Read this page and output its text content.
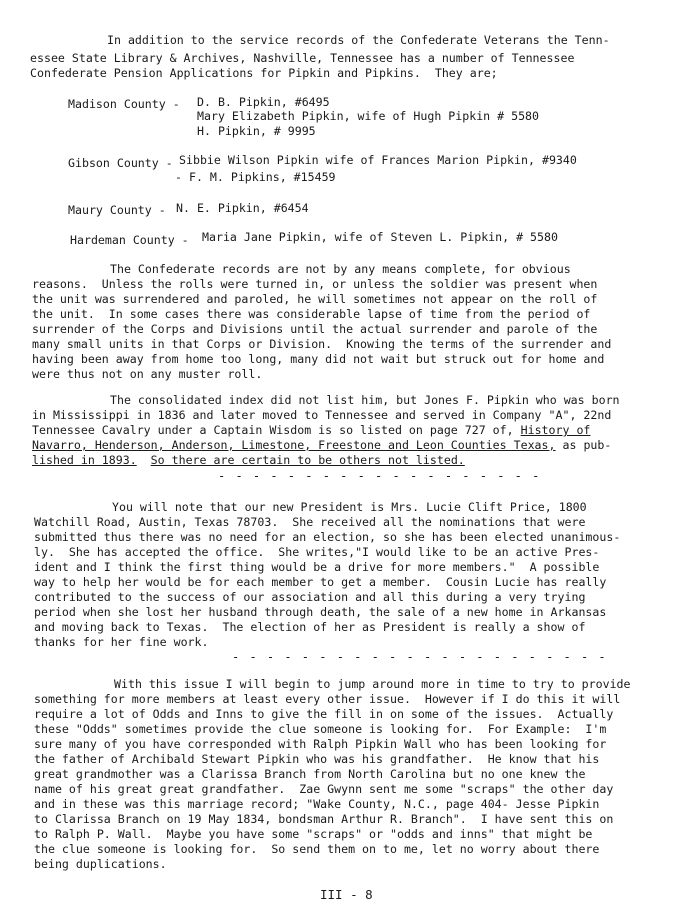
In addition to the service records of the Confederate Veterans the Tenn-
essee State Library & Archives, Nashville, Tennessee has a number of Tennessee
Confederate Pension Applications for Pipkin and Pipkins.  They are;
Madison County - D. B. Pipkin, #6495
Mary Elizabeth Pipkin, wife of Hugh Pipkin # 5580
H. Pipkin, # 9995
Gibson County - Sibbie Wilson Pipkin wife of Frances Marion Pipkin, #9340
- F. M. Pipkins, #15459
Maury County - N. E. Pipkin, #6454
Hardeman County - Maria Jane Pipkin, wife of Steven L. Pipkin, # 5580
The Confederate records are not by any means complete, for obvious
reasons.  Unless the rolls were turned in, or unless the soldier was present when
the unit was surrendered and paroled, he will sometimes not appear on the roll of
the unit.  In some cases there was considerable lapse of time from the period of
surrender of the Corps and Divisions until the actual surrender and parole of the
many small units in that Corps or Division.  Knowing the terms of the surrender and
having been away from home too long, many did not wait but struck out for home and
were thus not on any muster roll.
The consolidated index did not list him, but Jones F. Pipkin who was born
in Mississippi in 1836 and later moved to Tennessee and served in Company "A", 22nd
Tennessee Cavalry under a Captain Wisdom is so listed on page 727 of, History of
Navarro, Henderson, Anderson, Limestone, Freestone and Leon Counties Texas, as pub-
lished in 1893. So there are certain to be others not listed.
- - - - - - - - - - - - - - - - - - -
You will note that our new President is Mrs. Lucie Clift Price, 1800
Watchill Road, Austin, Texas 78703.  She received all the nominations that were
submitted thus there was no need for an election, so she has been elected unanimous-
ly.  She has accepted the office.  She writes,"I would like to be an active Pres-
ident and I think the first thing would be a drive for more members."  A possible
way to help her would be for each member to get a member.  Cousin Lucie has really
contributed to the success of our association and all this during a very trying
period when she lost her husband through death, the sale of a new home in Arkansas
and moving back to Texas.  The election of her as President is really a show of
thanks for her fine work.
- - - - - - - - - - - - - - - - - - - - - -
With this issue I will begin to jump around more in time to try to provide
something for more members at least every other issue.  However if I do this it will
require a lot of Odds and Inns to give the fill in on some of the issues.  Actually
these "Odds" sometimes provide the clue someone is looking for.  For Example:  I'm
sure many of you have corresponded with Ralph Pipkin Wall who has been looking for
the father of Archibald Stewart Pipkin who was his grandfather.  He know that his
great grandmother was a Clarissa Branch from North Carolina but no one knew the
name of his great great grandfather.  Zae Gwynn sent me some "scraps" the other day
and in these was this marriage record; "Wake County, N.C., page 404- Jesse Pipkin
to Clarissa Branch on 19 May 1834, bondsman Arthur R. Branch".  I have sent this on
to Ralph P. Wall.  Maybe you have some "scraps" or "odds and inns" that might be
the clue someone is looking for.  So send them on to me, let no worry about there
being duplications.
III - 8
